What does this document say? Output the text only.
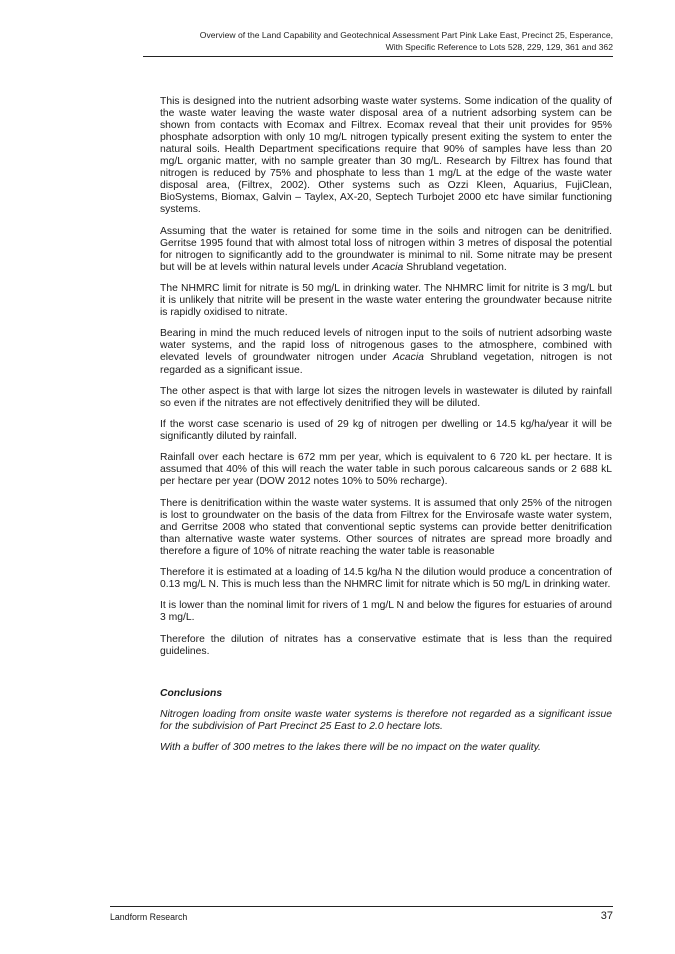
Overview of the Land Capability and Geotechnical Assessment Part Pink Lake East, Precinct 25, Esperance,
With Specific Reference to Lots 528, 229, 129, 361 and 362

This is designed into the nutrient adsorbing waste water systems. Some indication of the quality of the waste water leaving the waste water disposal area of a nutrient adsorbing system can be shown from contacts with Ecomax and Filtrex. Ecomax reveal that their unit provides for 95% phosphate adsorption with only 10 mg/L nitrogen typically present exiting the system to enter the natural soils. Health Department specifications require that 90% of samples have less than 20 mg/L organic matter, with no sample greater than 30 mg/L. Research by Filtrex has found that nitrogen is reduced by 75% and phosphate to less than 1 mg/L at the edge of the waste water disposal area, (Filtrex, 2002). Other systems such as Ozzi Kleen, Aquarius, FujiClean, BioSystems, Biomax, Galvin – Taylex, AX-20, Septech Turbojet 2000 etc have similar functioning systems.

Assuming that the water is retained for some time in the soils and nitrogen can be denitrified. Gerritse 1995 found that with almost total loss of nitrogen within 3 metres of disposal the potential for nitrogen to significantly add to the groundwater is minimal to nil. Some nitrate may be present but will be at levels within natural levels under Acacia Shrubland vegetation.

The NHMRC limit for nitrate is 50 mg/L in drinking water. The NHMRC limit for nitrite is 3 mg/L but it is unlikely that nitrite will be present in the waste water entering the groundwater because nitrite is rapidly oxidised to nitrate.

Bearing in mind the much reduced levels of nitrogen input to the soils of nutrient adsorbing waste water systems, and the rapid loss of nitrogenous gases to the atmosphere, combined with elevated levels of groundwater nitrogen under Acacia Shrubland vegetation, nitrogen is not regarded as a significant issue.

The other aspect is that with large lot sizes the nitrogen levels in wastewater is diluted by rainfall so even if the nitrates are not effectively denitrified they will be diluted.

If the worst case scenario is used of 29 kg of nitrogen per dwelling or 14.5 kg/ha/year it will be significantly diluted by rainfall.

Rainfall over each hectare is 672 mm per year, which is equivalent to 6 720 kL per hectare. It is assumed that 40% of this will reach the water table in such porous calcareous sands or 2 688 kL per hectare per year (DOW 2012 notes 10% to 50% recharge).

There is denitrification within the waste water systems. It is assumed that only 25% of the nitrogen is lost to groundwater on the basis of the data from Filtrex for the Envirosafe waste water system, and Gerritse 2008 who stated that conventional septic systems can provide better denitrification than alternative waste water systems. Other sources of nitrates are spread more broadly and therefore a figure of 10% of nitrate reaching the water table is reasonable

Therefore it is estimated at a loading of 14.5 kg/ha N the dilution would produce a concentration of 0.13 mg/L N. This is much less than the NHMRC limit for nitrate which is 50 mg/L in drinking water.

It is lower than the nominal limit for rivers of 1 mg/L N and below the figures for estuaries of around 3 mg/L.

Therefore the dilution of nitrates has a conservative estimate that is less than the required guidelines.

Conclusions

Nitrogen loading from onsite waste water systems is therefore not regarded as a significant issue for the subdivision of Part Precinct 25 East to 2.0 hectare lots.

With a buffer of 300 metres to the lakes there will be no impact on the water quality.

Landform Research	37
